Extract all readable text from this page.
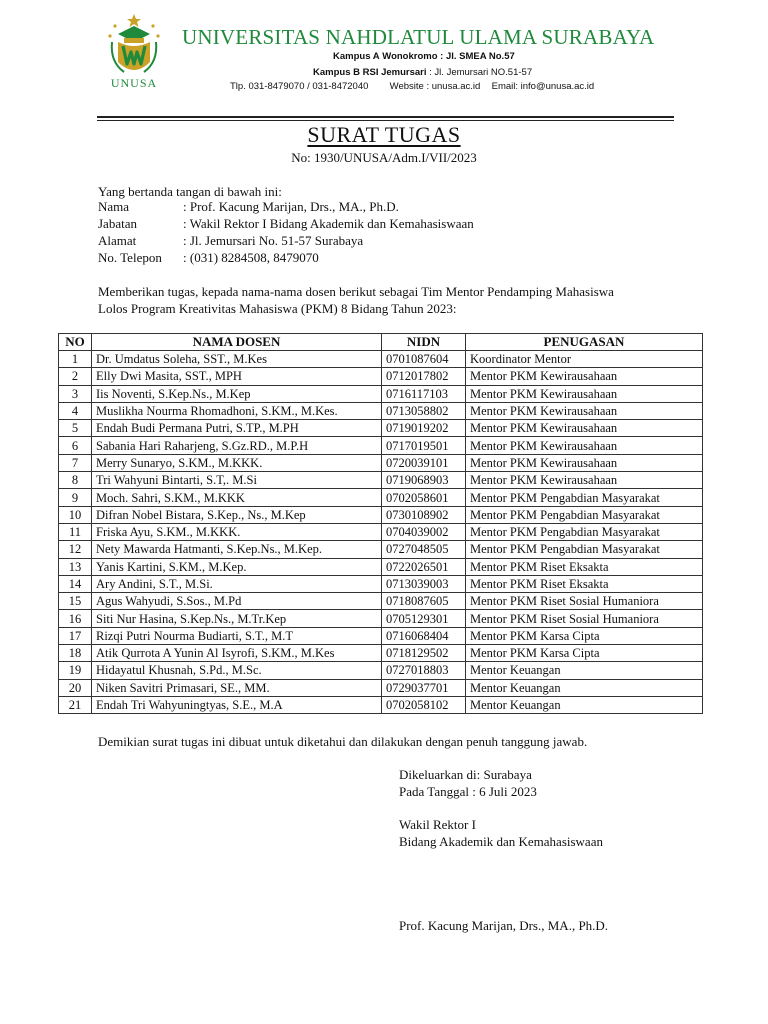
UNUSA
UNIVERSITAS NAHDLATUL ULAMA SURABAYA
Kampus A Wonokromo : Jl. SMEA No.57
Kampus B RSI Jemursari : Jl. Jemursari NO.51-57
Tlp. 031-8479070 / 031-8472040 Website : unusa.ac.id Email: info@unusa.ac.id
SURAT TUGAS
No: 1930/UNUSA/Adm.I/VII/2023
Yang bertanda tangan di bawah ini:
Nama	: Prof. Kacung Marijan, Drs., MA., Ph.D.
Jabatan	: Wakil Rektor I Bidang Akademik dan Kemahasiswaan
Alamat	: Jl. Jemursari No. 51-57 Surabaya
No. Telepon : (031) 8284508, 8479070
Memberikan tugas, kepada nama-nama dosen berikut sebagai Tim Mentor Pendamping Mahasiswa
Lolos Program Kreativitas Mahasiswa (PKM) 8 Bidang Tahun 2023:
NO	NAMA DOSEN	NIDN	PENUGASAN
1	Dr. Umdatus Soleha, SST., M.Kes	0701087604	Koordinator Mentor
2	Elly Dwi Masita, SST., MPH	0712017802	Mentor PKM Kewirausahaan
3	Iis Noventi, S.Kep.Ns., M.Kep	0716117103	Mentor PKM Kewirausahaan
4	Muslikha Nourma Rhomadhoni, S.KM., M.Kes.	0713058802	Mentor PKM Kewirausahaan
5	Endah Budi Permana Putri, S.TP., M.PH	0719019202	Mentor PKM Kewirausahaan
6	Sabania Hari Raharjeng, S.Gz.RD., M.P.H	0717019501	Mentor PKM Kewirausahaan
7	Merry Sunaryo, S.KM., M.KKK.	0720039101	Mentor PKM Kewirausahaan
8	Tri Wahyuni Bintarti, S.T,. M.Si	0719068903	Mentor PKM Kewirausahaan
9	Moch. Sahri, S.KM., M.KKK	0702058601	Mentor PKM Pengabdian Masyarakat
10	Difran Nobel Bistara, S.Kep., Ns., M.Kep	0730108902	Mentor PKM Pengabdian Masyarakat
11	Friska Ayu, S.KM., M.KKK.	0704039002	Mentor PKM Pengabdian Masyarakat
12	Nety Mawarda Hatmanti, S.Kep.Ns., M.Kep.	0727048505	Mentor PKM Pengabdian Masyarakat
13	Yanis Kartini, S.KM., M.Kep.	0722026501	Mentor PKM Riset Eksakta
14	Ary Andini, S.T., M.Si.	0713039003	Mentor PKM Riset Eksakta
15	Agus Wahyudi, S.Sos., M.Pd	0718087605	Mentor PKM Riset Sosial Humaniora
16	Siti Nur Hasina, S.Kep.Ns., M.Tr.Kep	0705129301	Mentor PKM Riset Sosial Humaniora
17	Rizqi Putri Nourma Budiarti, S.T., M.T	0716068404	Mentor PKM Karsa Cipta
18	Atik Qurrota A Yunin Al Isyrofi, S.KM., M.Kes	0718129502	Mentor PKM Karsa Cipta
19	Hidayatul Khusnah, S.Pd., M.Sc.	0727018803	Mentor Keuangan
20	Niken Savitri Primasari, SE., MM.	0729037701	Mentor Keuangan
21	Endah Tri Wahyuningtyas, S.E., M.A	0702058102	Mentor Keuangan
Demikian surat tugas ini dibuat untuk diketahui dan dilakukan dengan penuh tanggung jawab.
Dikeluarkan di: Surabaya
Pada Tanggal : 6 Juli 2023
Wakil Rektor I
Bidang Akademik dan Kemahasiswaan
Prof. Kacung Marijan, Drs., MA., Ph.D.
